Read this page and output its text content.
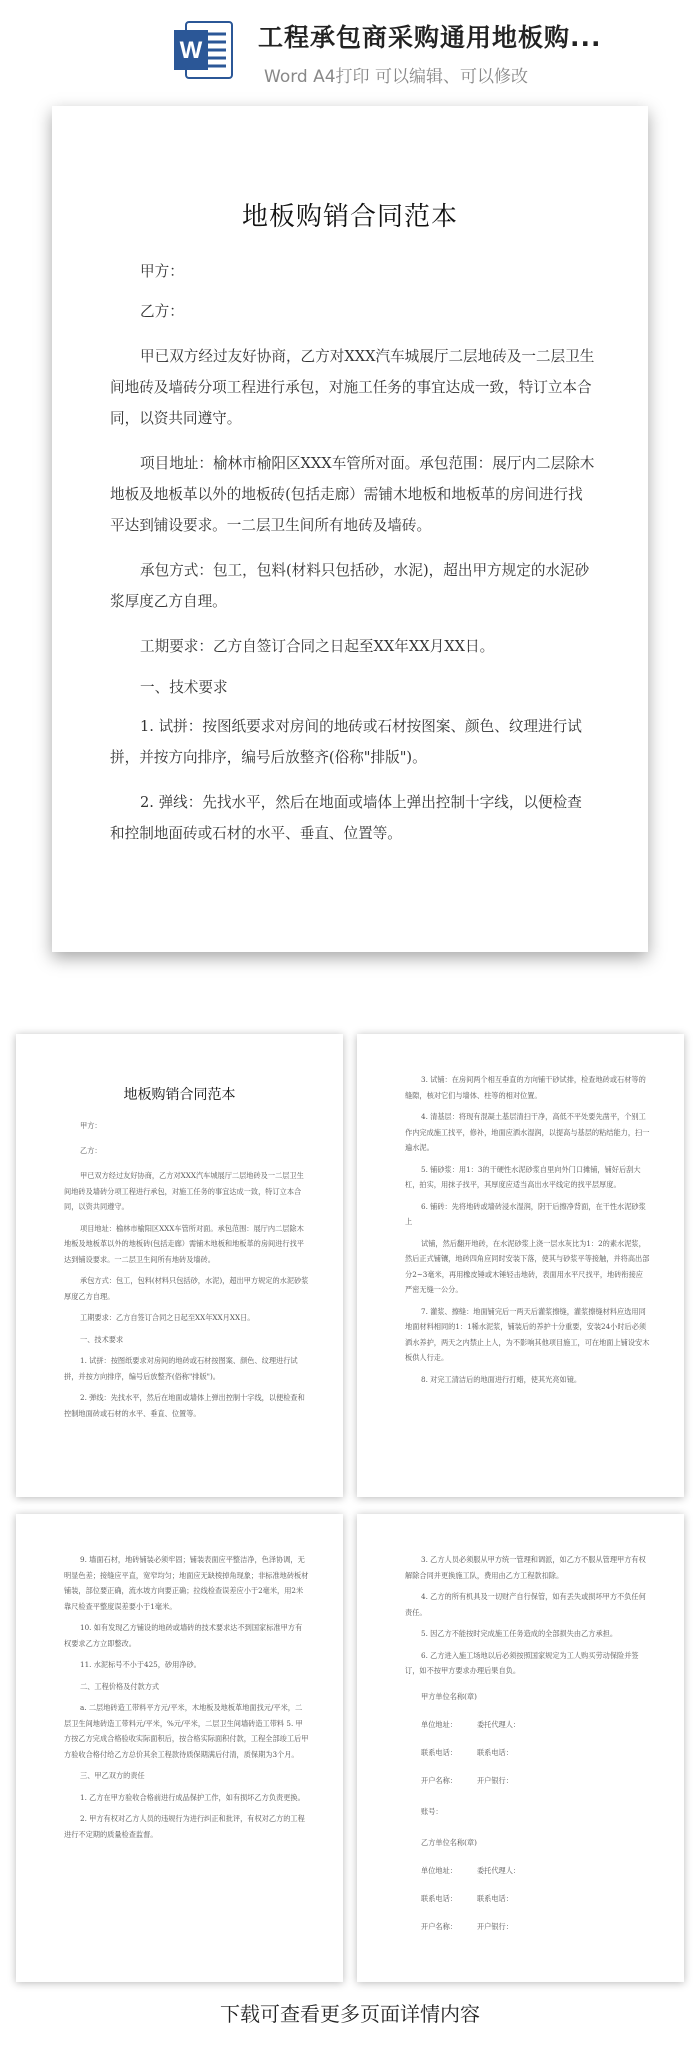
W 工程承包商采购通用地板购...
Word A4打印 可以编辑、可以修改
地板购销合同范本

甲方：

乙方：

甲已双方经过友好协商，乙方对XXX汽车城展厅二层地砖及一二层卫生间地砖及墙砖分项工程进行承包，对施工任务的事宜达成一致，特订立本合同，以资共同遵守。

项目地址：榆林市榆阳区XXX车管所对面。承包范围：展厅内二层除木地板及地板革以外的地板砖(包括走廊）需铺木地板和地板革的房间进行找平达到铺设要求。一二层卫生间所有地砖及墙砖。

承包方式：包工，包料(材料只包括砂，水泥)，超出甲方规定的水泥砂浆厚度乙方自理。

工期要求：乙方自签订合同之日起至XX年XX月XX日。

一、技术要求

1. 试拼：按图纸要求对房间的地砖或石材按图案、颜色、纹理进行试拼，并按方向排序，编号后放整齐(俗称"排版")。

2. 弹线：先找水平，然后在地面或墙体上弹出控制十字线，以便检查和控制地面砖或石材的水平、垂直、位置等。

地板购销合同范本

甲方：

乙方：

甲已双方经过友好协商，乙方对XXX汽车城展厅二层地砖及一二层卫生间地砖及墙砖分项工程进行承包，对施工任务的事宜达成一致，特订立本合同，以资共同遵守。

项目地址：榆林市榆阳区XXX车管所对面。承包范围：展厅内二层除木地板及地板革以外的地板砖(包括走廊）需铺木地板和地板革的房间进行找平达到铺设要求。一二层卫生间所有地砖及墙砖。

承包方式：包工，包料(材料只包括砂，水泥)，超出甲方规定的水泥砂浆厚度乙方自理。

工期要求：乙方自签订合同之日起至XX年XX月XX日。

一、技术要求

1. 试拼：按图纸要求对房间的地砖或石材按图案、颜色、纹理进行试拼，并按方向排序，编号后放整齐(俗称"排版")。

2. 弹线：先找水平，然后在地面或墙体上弹出控制十字线，以便检查和控制地面砖或石材的水平、垂直、位置等。

3. 试铺：在房间两个相互垂直的方向铺干砂试排，检查地砖或石材等的缝隙，核对它们与墙体、柱等的相对位置。

4. 清基层：将现有混凝土基层清扫干净，高低不平处要先凿平，个别工作内完成施工找平，修补，地面应洒水湿润，以提高与基层的粘结能力，扫一遍水泥。

5. 铺砂浆：用1：3的干硬性水泥砂浆自里向外门口摊铺，铺好后刮大杠，拍实，用抹子找平，其厚度应适当高出水平线定的找平层厚度。

6. 铺砖：先将地砖或墙砖浸水湿润，阴干后擦净背面，在干性水泥砂浆上

试铺，然后翻开地砖，在水泥砂浆上浇一层水灰比为1：2的素水泥浆，然后正式铺镶，地砖四角应同时安装下落，使其与砂浆平等接触，并将高出部分2~3毫米，再用橡皮锤或木锤轻击地砖，表面用水平尺找平，地砖衔接应严密无缝一公分。

7. 灌浆、擦缝：地面铺完后一两天后灌浆擦缝，灌浆擦缝材料应选用同地面材料相同的1：1稀水泥浆，铺装后的养护十分重要，安装24小时后必须洒水养护，两天之内禁止上人，为不影响其他项目施工，可在地面上铺设安木板供人行走。

8. 对完工清洁后的地面进行打蜡，使其光亮如镜。

9. 墙面石材，地砖铺装必须牢固；铺装表面应平整洁净，色泽协调，无明显色差；接缝应平直，宽窄均匀；地面应无缺棱掉角现象；非标准地砖板材铺装，部位要正确，流水坡方向要正确；拉线检查误差应小于2毫米，用2米靠尺检查平整度误差要小于1毫米。

10. 如有发现乙方铺设的地砖或墙砖的技术要求达不到国家标准甲方有权要求乙方立即整改。

11. 水泥标号不小于425，砂用净砂。

二、工程价格及付款方式

a. 二层地砖造工带料平方元/平米，木地板及地板革地面找元/平米，二层卫生间地砖造工带料元/平米，%元/平米，二层卫生间墙砖造工带料 5. 甲方按乙方完成合格验收实际面积后，按合格实际面积付款，工程全部竣工后甲方验收合格付给乙方总价其余工程款待质保期满后付清，质保期为3个月。

三、甲乙双方的责任

1. 乙方在甲方验收合格前进行成品保护工作，如有损坏乙方负责更换。

2. 甲方有权对乙方人员的违规行为进行纠正和批评，有权对乙方的工程进行不定期的质量检查监督。

3. 乙方人员必须服从甲方统一管理和调派，如乙方不服从管理甲方有权解除合同并更换施工队，费用由乙方工程款扣除。

4. 乙方的所有机具及一切财产自行保管，如有丢失或损坏甲方不负任何责任。

5. 因乙方不能按时完成施工任务造成的全部损失由乙方承担。

6. 乙方进入施工场地以后必须按照国家规定为工人购买劳动保险并签订，如不按甲方要求办理后果自负。

甲方单位名称(章)

单位地址：	委托代理人：
联系电话：	联系电话：
开户名称：	开户银行：

账号：

乙方单位名称(章)

单位地址：	委托代理人：
联系电话：	联系电话：
开户名称：	开户银行：
下载可查看更多页面详情内容
